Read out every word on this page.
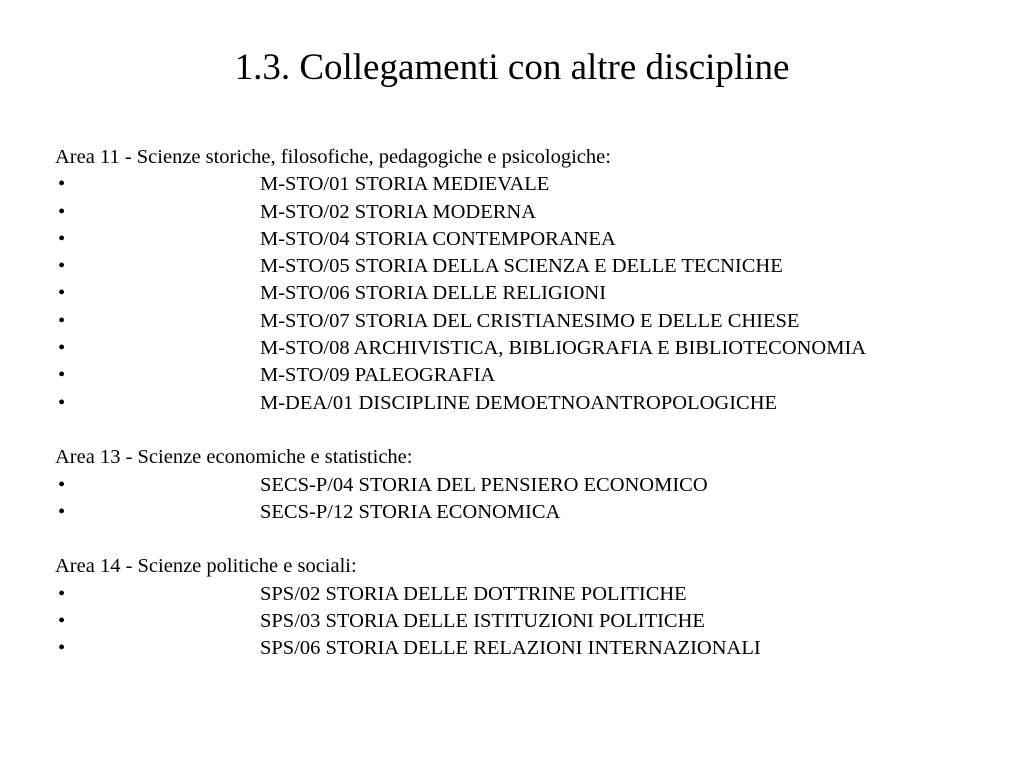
1.3. Collegamenti con altre discipline
Area 11 - Scienze storiche, filosofiche, pedagogiche e psicologiche:
•	M-STO/01 STORIA MEDIEVALE
•	M-STO/02 STORIA MODERNA
•	M-STO/04 STORIA CONTEMPORANEA
•	M-STO/05 STORIA DELLA SCIENZA E DELLE TECNICHE
•	M-STO/06 STORIA DELLE RELIGIONI
•	M-STO/07 STORIA DEL CRISTIANESIMO E DELLE CHIESE
•	M-STO/08 ARCHIVISTICA, BIBLIOGRAFIA E BIBLIOTECONOMIA
•	M-STO/09 PALEOGRAFIA
•	M-DEA/01 DISCIPLINE DEMOETNOANTROPOLOGICHE
Area 13 - Scienze economiche e statistiche:
•	SECS-P/04 STORIA DEL PENSIERO ECONOMICO
•	SECS-P/12 STORIA ECONOMICA
Area 14 - Scienze politiche e sociali:
•	SPS/02 STORIA DELLE DOTTRINE POLITICHE
•	SPS/03 STORIA DELLE ISTITUZIONI POLITICHE
•	SPS/06 STORIA DELLE RELAZIONI INTERNAZIONALI
